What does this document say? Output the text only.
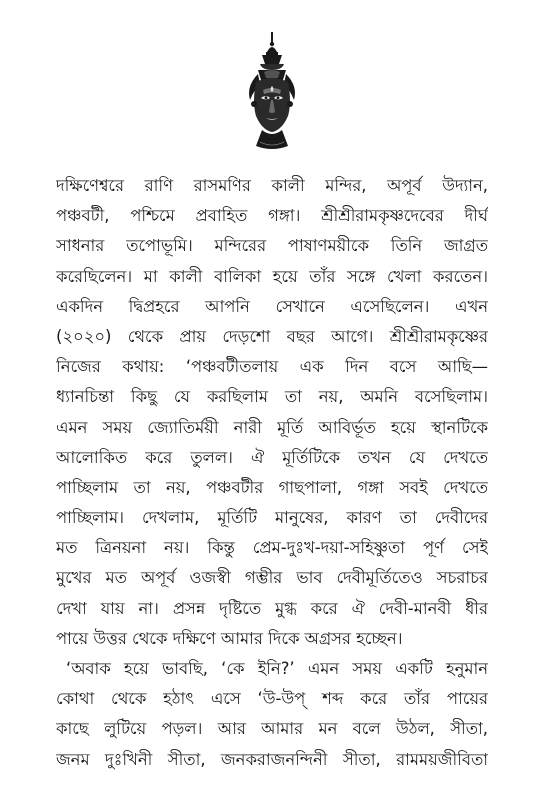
দক্ষিণেশ্বরে রাণি রাসমণির কালী মন্দির, অপূর্ব উদ্যান,
পঞ্চবটী, পশ্চিমে প্রবাহিত গঙ্গা। শ্রীশ্রীরামকৃষ্ণদেবের দীর্ঘ
সাধনার তপোভূমি। মন্দিরের পাষাণময়ীকে তিনি জাগ্রত
করেছিলেন। মা কালী বালিকা হয়ে তাঁর সঙ্গে খেলা করতেন।
একদিন দ্বিপ্রহরে আপনি সেখানে এসেছিলেন। এখন
(২০২০) থেকে প্রায় দেড়শো বছর আগে। শ্রীশ্রীরামকৃষ্ণের
নিজের কথায়: ‘পঞ্চবটীতলায় এক দিন বসে আছি—
ধ্যানচিন্তা কিছু যে করছিলাম তা নয়, অমনি বসেছিলাম।
এমন সময় জ্যোতির্ময়ী নারী মূর্তি আবির্ভূত হয়ে স্থানটিকে
আলোকিত করে তুলল। ঐ মূর্তিটিকে তখন যে দেখতে
পাচ্ছিলাম তা নয়, পঞ্চবটীর গাছপালা, গঙ্গা সবই দেখতে
পাচ্ছিলাম। দেখলাম, মূর্তিটি মানুষের, কারণ তা দেবীদের
মত ত্রিনয়না নয়। কিন্তু প্রেম-দুঃখ-দয়া-সহিষ্ণুতা পূর্ণ সেই
মুখের মত অপূর্ব ওজস্বী গম্ভীর ভাব দেবীমূর্তিতেও সচরাচর
দেখা যায় না। প্রসন্ন দৃষ্টিতে মুগ্ধ করে ঐ দেবী-মানবী ধীর
পায়ে উত্তর থেকে দক্ষিণে আমার দিকে অগ্রসর হচ্ছেন।
‘অবাক হয়ে ভাবছি, ‘কে ইনি?’ এমন সময় একটি হনুমান
কোথা থেকে হঠাৎ এসে ‘উ-উপ্ শব্দ করে তাঁর পায়ের
কাছে লুটিয়ে পড়ল। আর আমার মন বলে উঠল, সীতা,
জনম দুঃখিনী সীতা, জনকরাজনন্দিনী সীতা, রামময়জীবিতা
